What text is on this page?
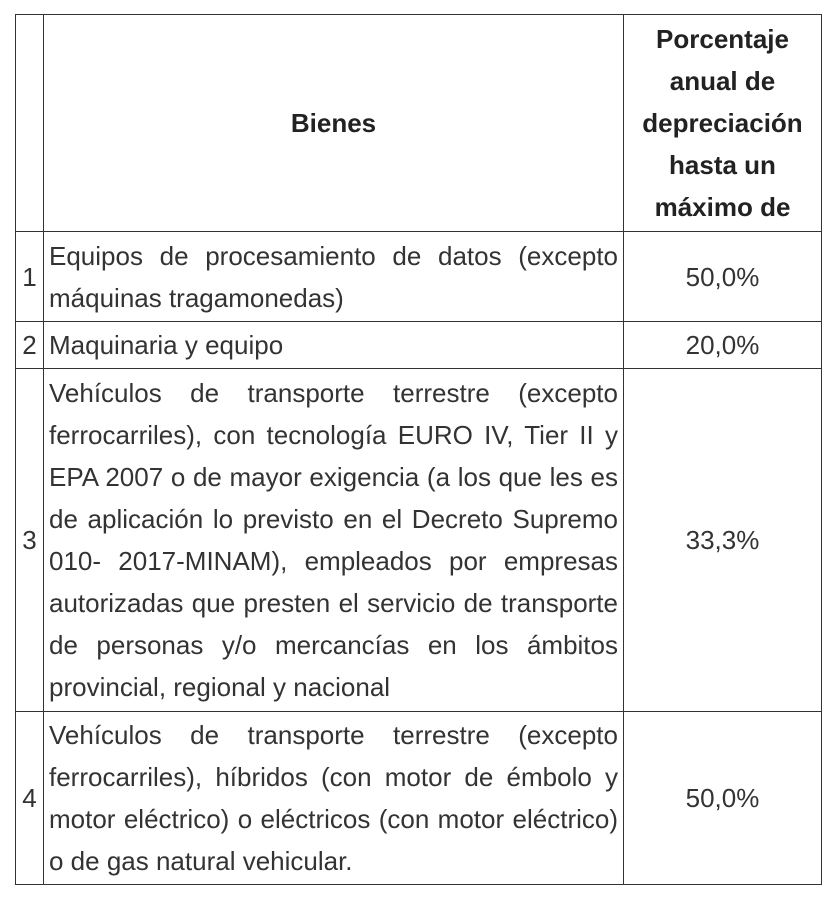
	Bienes	Porcentaje anual de depreciación hasta un máximo de
1	Equipos de procesamiento de datos (excepto máquinas tragamonedas)	50,0%
2	Maquinaria y equipo	20,0%
3	Vehículos de transporte terrestre (excepto ferrocarriles), con tecnología EURO IV, Tier II y EPA 2007 o de mayor exigencia (a los que les es de aplicación lo previsto en el Decreto Supremo 010- 2017-MINAM), empleados por empresas autorizadas que presten el servicio de transporte de personas y/o mercancías en los ámbitos provincial, regional y nacional	33,3%
4	Vehículos de transporte terrestre (excepto ferrocarriles), híbridos (con motor de émbolo y motor eléctrico) o eléctricos (con motor eléctrico) o de gas natural vehicular.	50,0%
